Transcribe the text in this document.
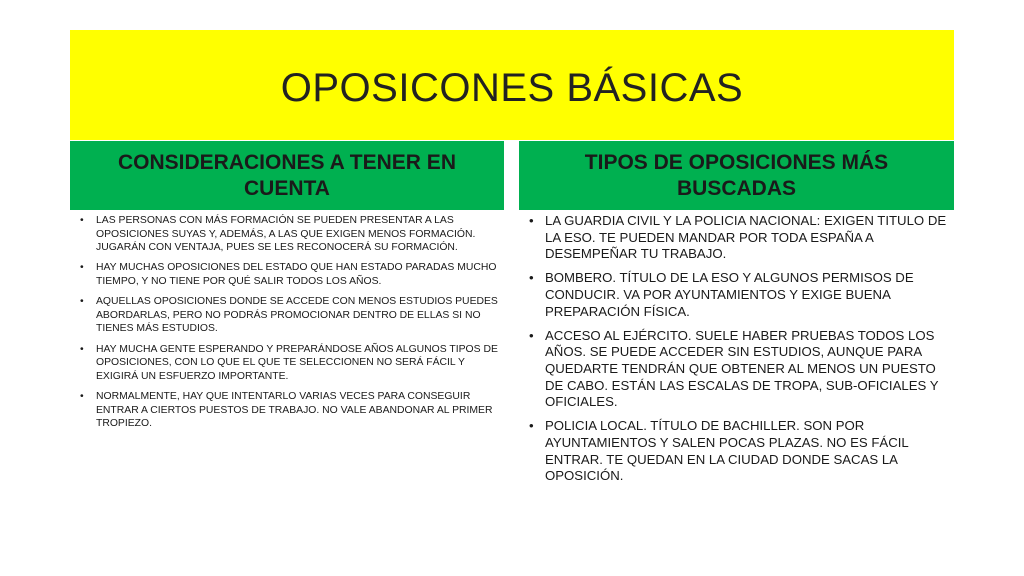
OPOSICONES BÁSICAS
CONSIDERACIONES A TENER EN CUENTA
TIPOS DE OPOSICIONES MÁS BUSCADAS
• LAS PERSONAS CON MÁS FORMACIÓN SE PUEDEN PRESENTAR A LAS OPOSICIONES SUYAS Y, ADEMÁS, A LAS QUE EXIGEN MENOS FORMACIÓN. JUGARÁN CON VENTAJA, PUES SE LES RECONOCERÁ SU FORMACIÓN.
• HAY MUCHAS OPOSICIONES DEL ESTADO QUE HAN ESTADO PARADAS MUCHO TIEMPO, Y NO TIENE POR QUÉ SALIR TODOS LOS AÑOS.
• AQUELLAS OPOSICIONES DONDE SE ACCEDE CON MENOS ESTUDIOS PUEDES ABORDARLAS, PERO NO PODRÁS PROMOCIONAR DENTRO DE ELLAS SI NO TIENES MÁS ESTUDIOS.
• HAY MUCHA GENTE ESPERANDO Y PREPARÁNDOSE AÑOS ALGUNOS TIPOS DE OPOSICIONES, CON LO QUE EL QUE TE SELECCIONEN NO SERÁ FÁCIL Y EXIGIRÁ UN ESFUERZO IMPORTANTE.
• NORMALMENTE, HAY QUE INTENTARLO VARIAS VECES PARA CONSEGUIR ENTRAR A CIERTOS PUESTOS DE TRABAJO. NO VALE ABANDONAR AL PRIMER TROPIEZO.
• LA GUARDIA CIVIL Y LA POLICIA NACIONAL: EXIGEN TITULO DE LA ESO. TE PUEDEN MANDAR POR TODA ESPAÑA A DESEMPEÑAR TU TRABAJO.
• BOMBERO. TÍTULO DE LA ESO Y ALGUNOS PERMISOS DE CONDUCIR. VA POR AYUNTAMIENTOS Y EXIGE BUENA PREPARACIÓN FÍSICA.
• ACCESO AL EJÉRCITO. SUELE HABER PRUEBAS TODOS LOS AÑOS. SE PUEDE ACCEDER SIN ESTUDIOS, AUNQUE PARA QUEDARTE TENDRÁN QUE OBTENER AL MENOS UN PUESTO DE CABO. ESTÁN LAS ESCALAS DE TROPA, SUB-OFICIALES Y OFICIALES.
• POLICIA LOCAL. TÍTULO DE BACHILLER. SON POR AYUNTAMIENTOS Y SALEN POCAS PLAZAS. NO ES FÁCIL ENTRAR. TE QUEDAN EN LA CIUDAD DONDE SACAS LA OPOSICIÓN.
